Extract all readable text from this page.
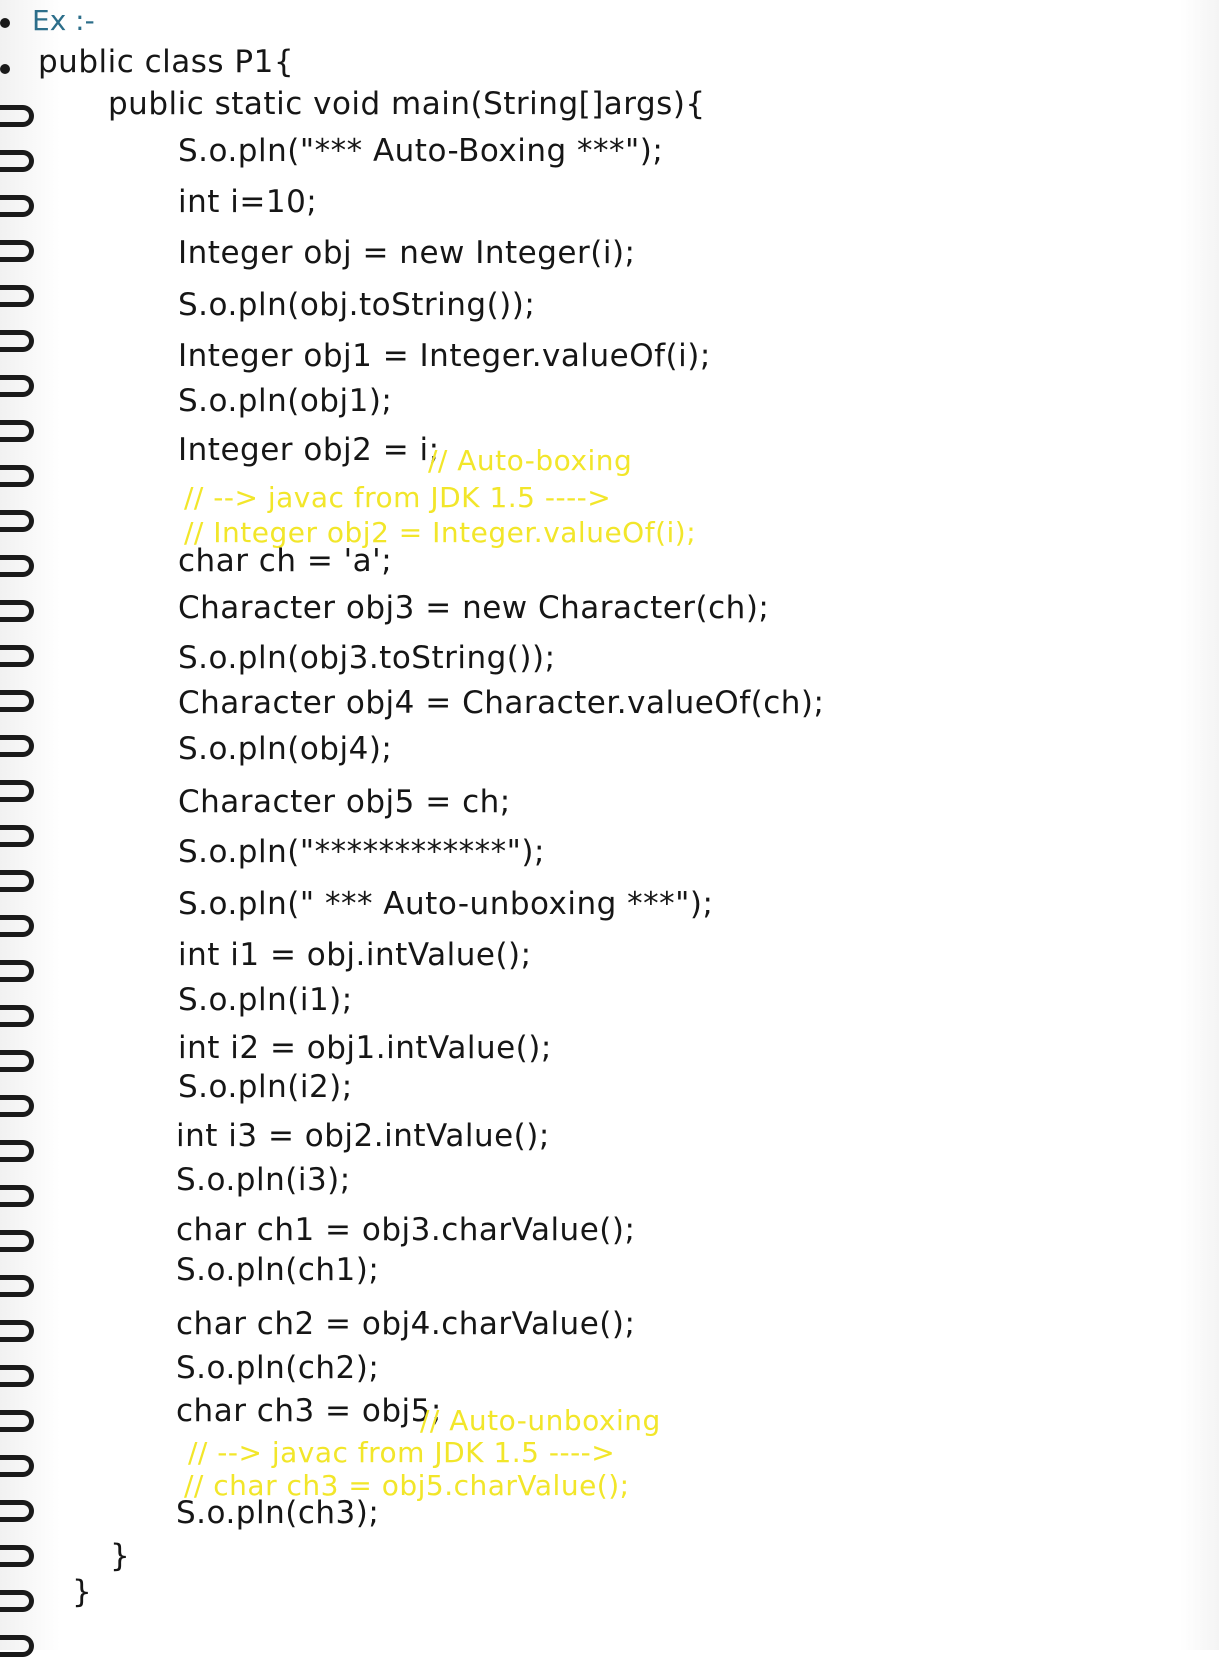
Ex :-
public class P1{
public static void main(String[]args){
S.o.pln("*** Auto-Boxing ***");
int i=10;
Integer obj = new Integer(i);
S.o.pln(obj.toString());
Integer obj1 = Integer.valueOf(i);
S.o.pln(obj1);
Integer obj2 = i;
// Auto-boxing
// --> javac from JDK 1.5 ---->
// Integer obj2 = Integer.valueOf(i);
char ch = 'a';
Character obj3 = new Character(ch);
S.o.pln(obj3.toString());
Character obj4 = Character.valueOf(ch);
S.o.pln(obj4);
Character obj5 = ch;
S.o.pln("************");
S.o.pln(" *** Auto-unboxing ***");
int i1 = obj.intValue();
S.o.pln(i1);
int i2 = obj1.intValue();
S.o.pln(i2);
int i3 = obj2.intValue();
S.o.pln(i3);
char ch1 = obj3.charValue();
S.o.pln(ch1);
char ch2 = obj4.charValue();
S.o.pln(ch2);
char ch3 = obj5;
// Auto-unboxing
// --> javac from JDK 1.5 ---->
// char ch3 = obj5.charValue();
S.o.pln(ch3);
}
}
